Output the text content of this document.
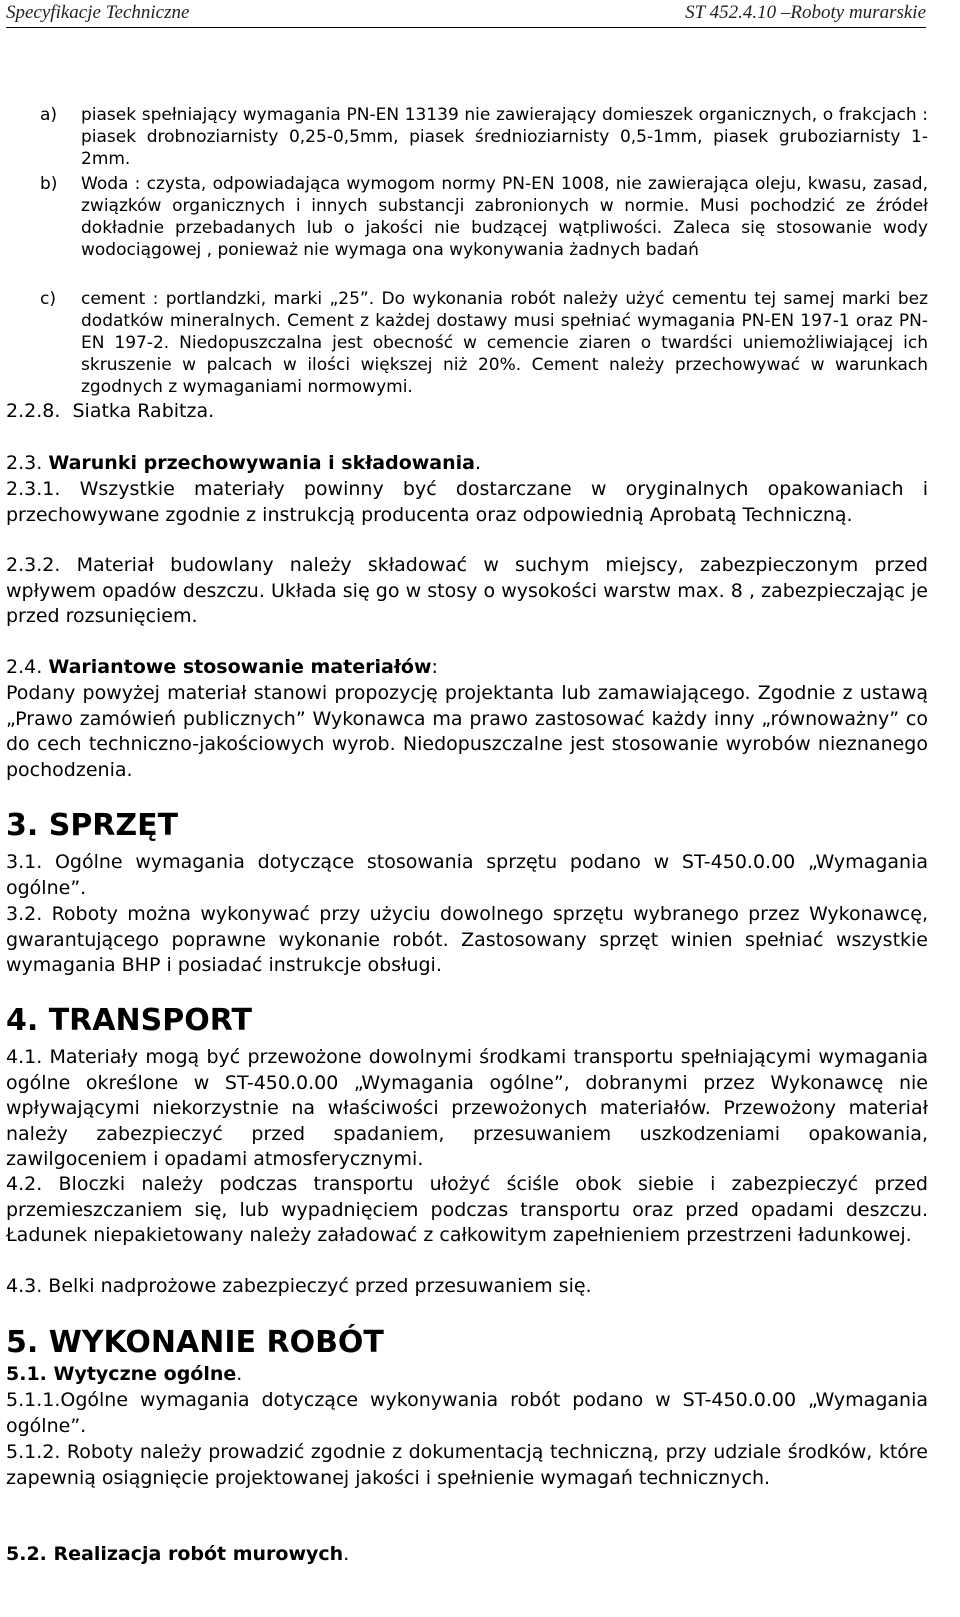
Specyfikacje Techniczne	ST 452.4.10 –Roboty murarskie
a) piasek spełniający wymagania PN-EN 13139 nie zawierający domieszek organicznych, o frakcjach : piasek drobnoziarnisty 0,25-0,5mm, piasek średnioziarnisty 0,5-1mm, piasek gruboziarnisty 1-2mm.
b) Woda : czysta, odpowiadająca wymogom normy PN-EN 1008, nie zawierająca oleju, kwasu, zasad, związków organicznych i innych substancji zabronionych w normie. Musi pochodzić ze źródeł dokładnie przebadanych lub o jakości nie budzącej wątpliwości. Zaleca się stosowanie wody wodociągowej , ponieważ nie wymaga ona wykonywania żadnych badań
c) cement : portlandzki, marki „25”. Do wykonania robót należy użyć cementu tej samej marki bez dodatków mineralnych. Cement z każdej dostawy musi spełniać wymagania PN-EN 197-1 oraz PN-EN 197-2. Niedopuszczalna jest obecność w cemencie ziaren o twardści uniemożliwiającej ich skruszenie w palcach w ilości większej niż 20%. Cement należy przechowywać w warunkach zgodnych z wymaganiami normowymi.
2.2.8. Siatka Rabitza.
2.3. Warunki przechowywania i składowania.
2.3.1. Wszystkie materiały powinny być dostarczane w oryginalnych opakowaniach i przechowywane zgodnie z instrukcją producenta oraz odpowiednią Aprobatą Techniczną.
2.3.2. Materiał budowlany należy składować w suchym miejscy, zabezpieczonym przed wpływem opadów deszczu. Układa się go w stosy o wysokości warstw max. 8 , zabezpieczając je przed rozsunięciem.
2.4. Wariantowe stosowanie materiałów:
Podany powyżej materiał stanowi propozycję projektanta lub zamawiającego. Zgodnie z ustawą „Prawo zamówień publicznych” Wykonawca ma prawo zastosować każdy inny „równoważny” co do cech techniczno-jakościowych wyrob. Niedopuszczalne jest stosowanie wyrobów nieznanego pochodzenia.
3. SPRZĘT
3.1. Ogólne wymagania dotyczące stosowania sprzętu podano w ST-450.0.00 „Wymagania ogólne”.
3.2. Roboty można wykonywać przy użyciu dowolnego sprzętu wybranego przez Wykonawcę, gwarantującego poprawne wykonanie robót. Zastosowany sprzęt winien spełniać wszystkie wymagania BHP i posiadać instrukcje obsługi.
4. TRANSPORT
4.1. Materiały mogą być przewożone dowolnymi środkami transportu spełniającymi wymagania ogólne określone w ST-450.0.00 „Wymagania ogólne”, dobranymi przez Wykonawcę nie wpływającymi niekorzystnie na właściwości przewożonych materiałów. Przewożony materiał należy zabezpieczyć przed spadaniem, przesuwaniem uszkodzeniami opakowania, zawilgoceniem i opadami atmosferycznymi.
4.2. Bloczki należy podczas transportu ułożyć ściśle obok siebie i zabezpieczyć przed przemieszczaniem się, lub wypadnięciem podczas transportu oraz przed opadami deszczu. Ładunek niepakietowany należy załadować z całkowitym zapełnieniem przestrzeni ładunkowej.
4.3. Belki nadprożowe zabezpieczyć przed przesuwaniem się.
5. WYKONANIE ROBÓT
5.1. Wytyczne ogólne.
5.1.1.Ogólne wymagania dotyczące wykonywania robót podano w ST-450.0.00 „Wymagania ogólne”.
5.1.2. Roboty należy prowadzić zgodnie z dokumentacją techniczną, przy udziale środków, które zapewnią osiągnięcie projektowanej jakości i spełnienie wymagań technicznych.
5.2. Realizacja robót murowych.
